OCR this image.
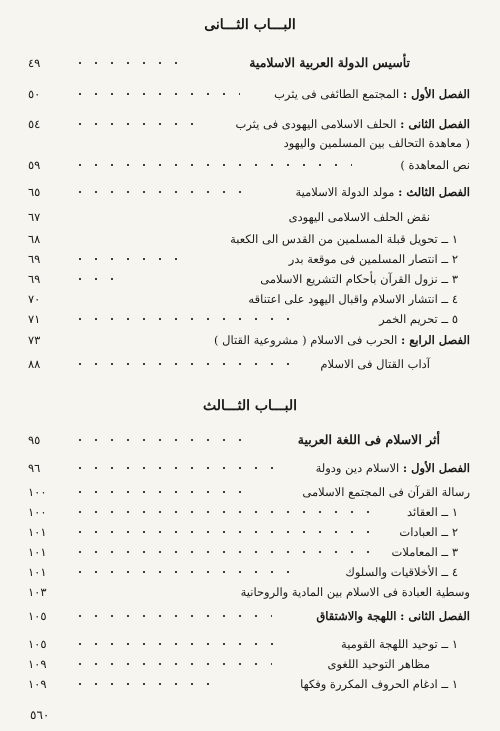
البـــاب الثـــانى
تأسيس الدولة العربية الاسلامية
٤٩
الفصل الأول : المجتمع الطائفى فى يثرب
٥٠
الفصل الثانى : الحلف الاسلامى اليهودى فى يثرب
٥٤
( معاهدة التحالف بين المسلمين واليهود
نص المعاهدة )
٥٩
الفصل الثالث : مولد الدولة الاسلامية
٦٥
نقض الحلف الاسلامى اليهودى
٦٧
١ ــ تحويل قبلة المسلمين من القدس الى الكعبة
٦٨
٢ ــ انتصار المسلمين فى موقعة بدر
٦٩
٣ ــ نزول القرآن بأحكام التشريع الاسلامى
٦٩
٤ ــ انتشار الاسلام واقبال اليهود على اعتناقه
٧٠
٥ ــ تحريم الخمر
٧١
الفصل الرابع : الحرب فى الاسلام ( مشروعية القتال )
٧٣
آداب القتال فى الاسلام
٨٨
البـــاب الثـــالث
أثر الاسلام فى اللغة العربية
٩٥
الفصل الأول : الاسلام دين ودولة
٩٦
رسالة القرآن فى المجتمع الاسلامى
١٠٠
١ ــ العقائد
١٠٠
٢ ــ العبادات
١٠١
٣ ــ المعاملات
١٠١
٤ ــ الأخلاقيات والسلوك
١٠١
وسطية العبادة فى الاسلام بين المادية والروحانية
١٠٣
الفصل الثانى : اللهجة والاشتقاق
١٠٥
١ ــ توحيد اللهجة القومية
١٠٥
مظاهر التوحيد اللغوى
١٠٩
١ ــ ادغام الحروف المكررة وفكها
١٠٩
٥٦٠
